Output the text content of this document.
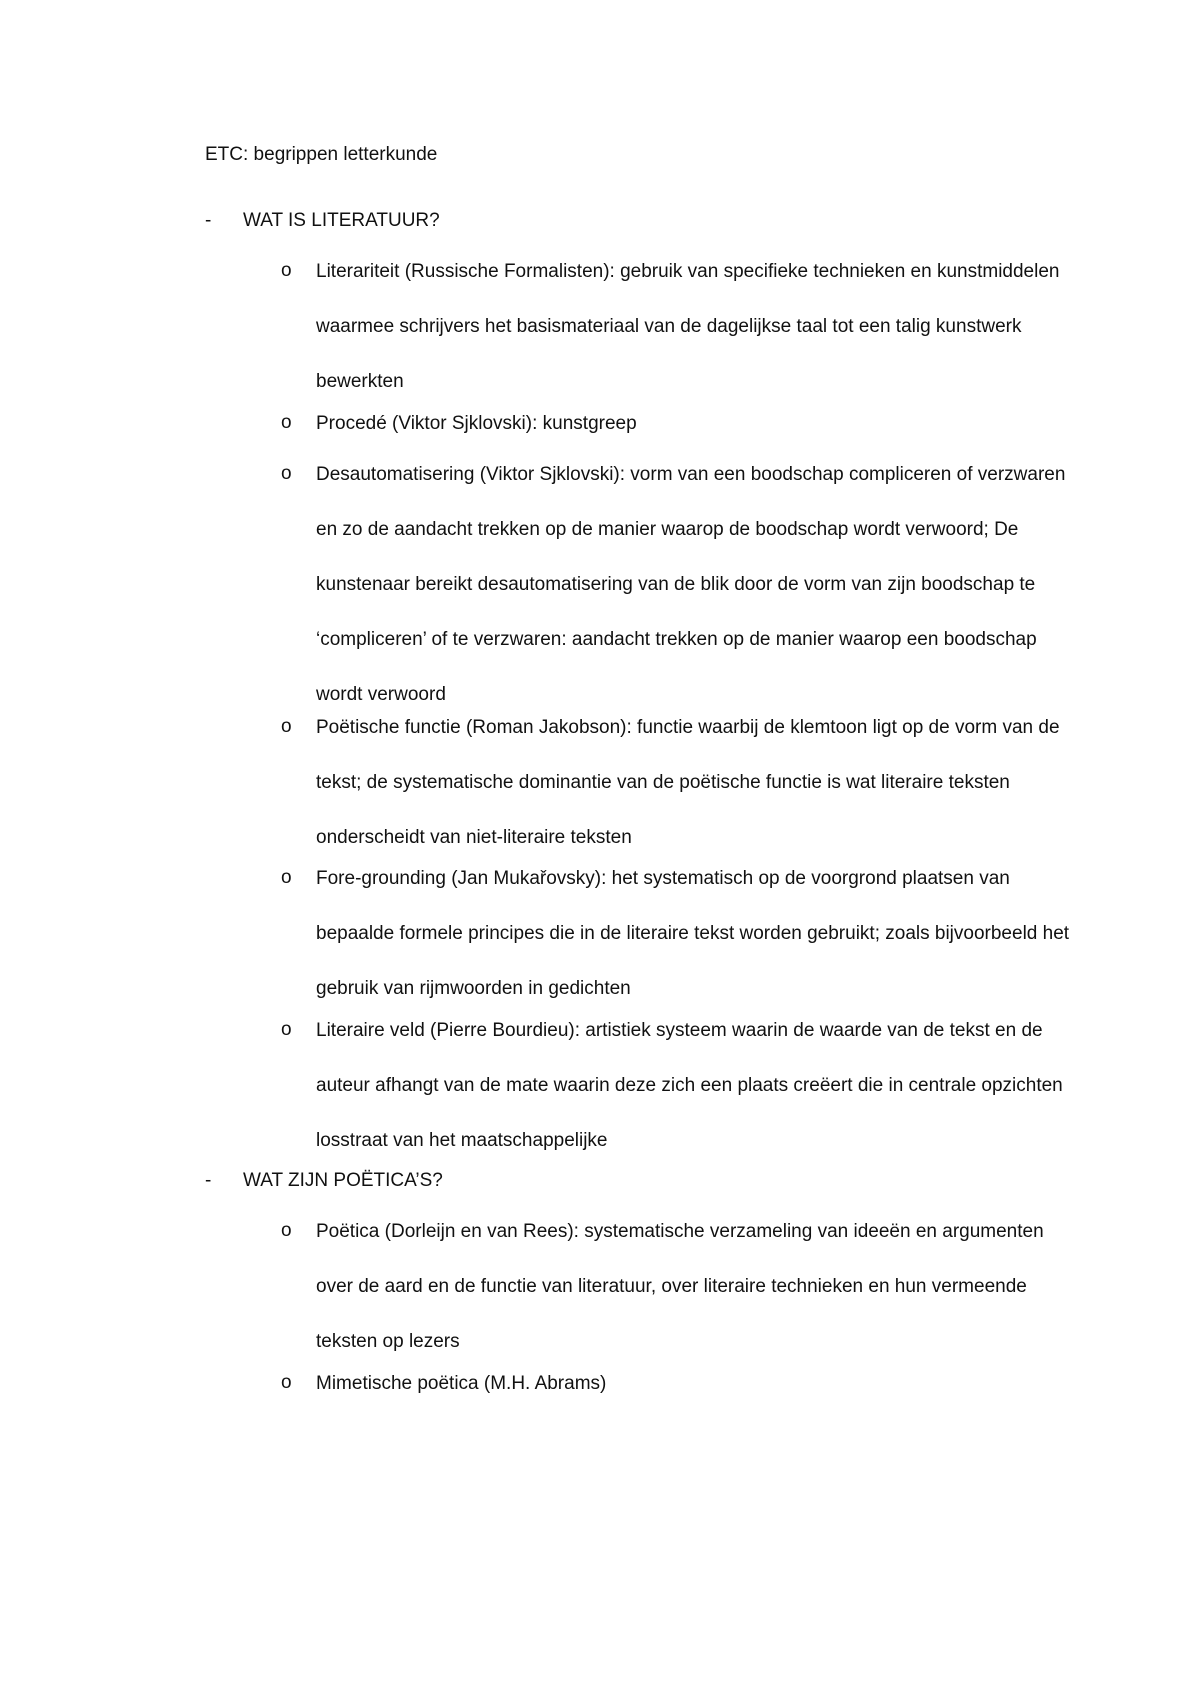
ETC: begrippen letterkunde
- WAT IS LITERATUUR?
o Literariteit (Russische Formalisten): gebruik van specifieke technieken en kunstmiddelen waarmee schrijvers het basismateriaal van de dagelijkse taal tot een talig kunstwerk bewerkten
o Procedé (Viktor Sjklovski): kunstgreep
o Desautomatisering (Viktor Sjklovski): vorm van een boodschap compliceren of verzwaren en zo de aandacht trekken op de manier waarop de boodschap wordt verwoord; De kunstenaar bereikt desautomatisering van de blik door de vorm van zijn boodschap te ‘compliceren’ of te verzwaren: aandacht trekken op de manier waarop een boodschap wordt verwoord
o Poëtische functie (Roman Jakobson): functie waarbij de klemtoon ligt op de vorm van de tekst; de systematische dominantie van de poëtische functie is wat literaire teksten onderscheidt van niet-literaire teksten
o Fore-grounding (Jan Mukařovsky): het systematisch op de voorgrond plaatsen van bepaalde formele principes die in de literaire tekst worden gebruikt; zoals bijvoorbeeld het gebruik van rijmwoorden in gedichten
o Literaire veld (Pierre Bourdieu): artistiek systeem waarin de waarde van de tekst en de auteur afhangt van de mate waarin deze zich een plaats creëert die in centrale opzichten losstraat van het maatschappelijke
- WAT ZIJN POËTICA’S?
o Poëtica (Dorleijn en van Rees): systematische verzameling van ideeën en argumenten over de aard en de functie van literatuur, over literaire technieken en hun vermeende teksten op lezers
o Mimetische poëtica (M.H. Abrams)
